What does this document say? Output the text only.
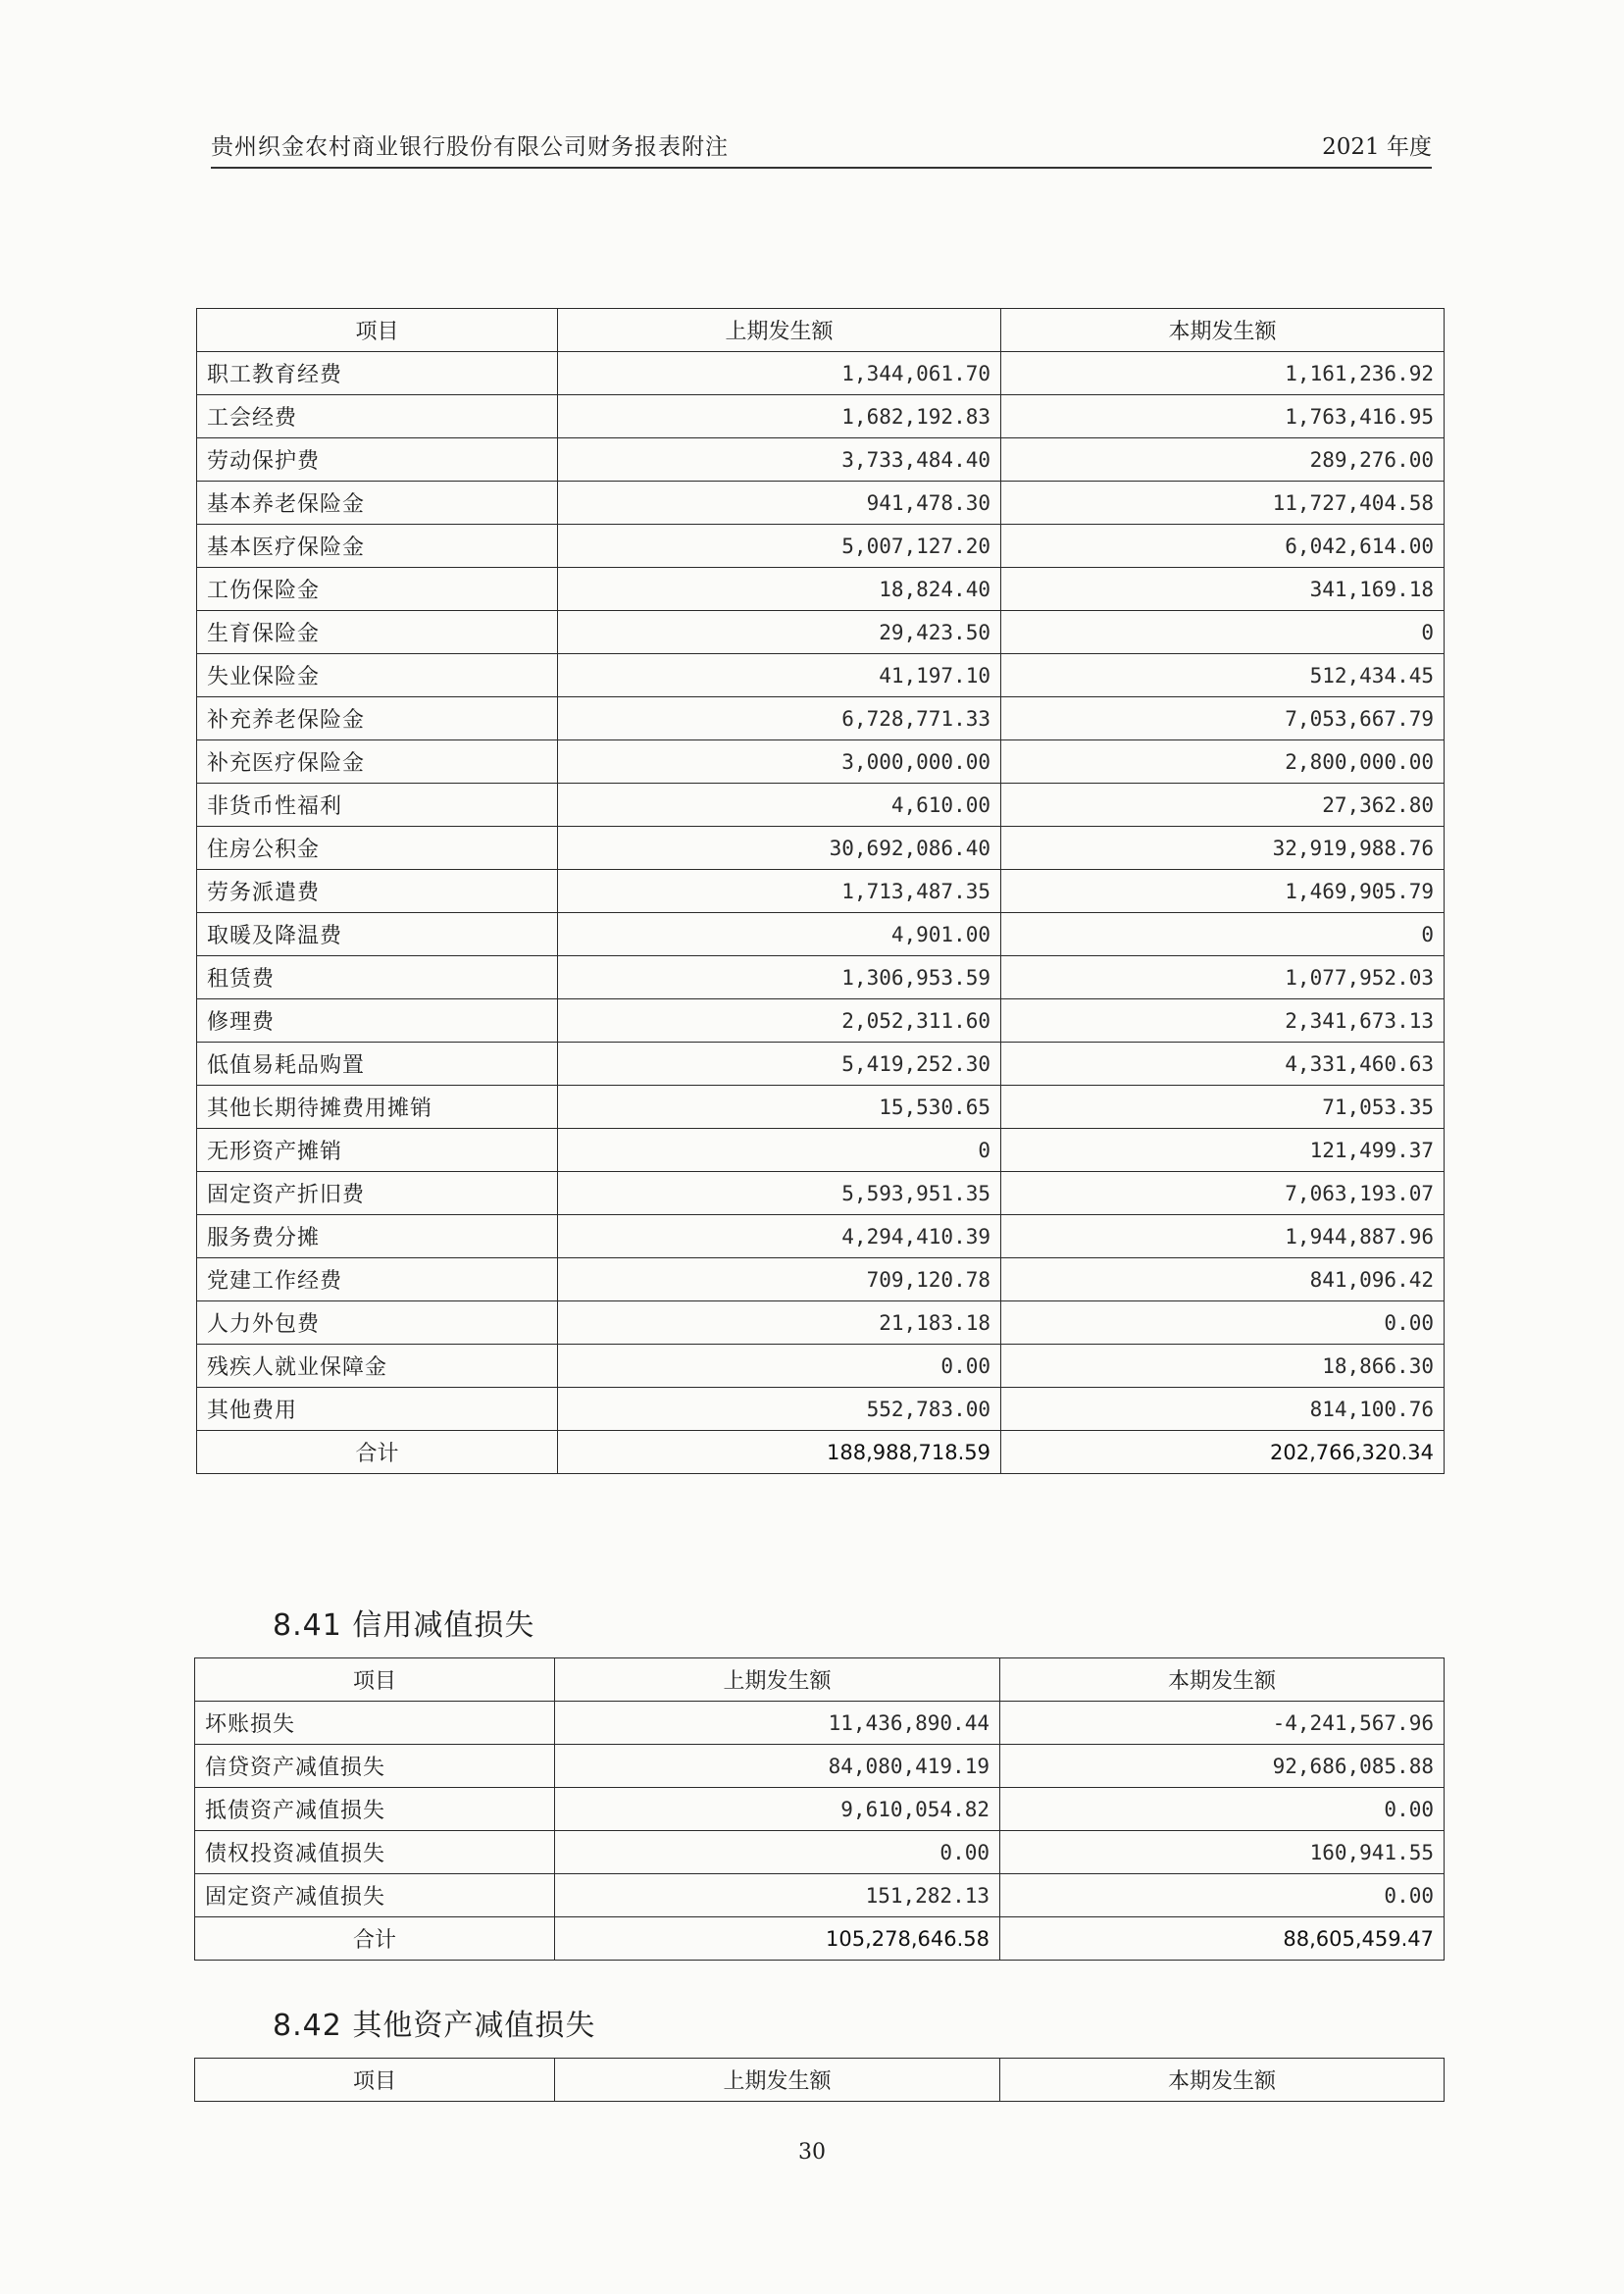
贵州织金农村商业银行股份有限公司财务报表附注	2021 年度
项目	上期发生额	本期发生额
职工教育经费	1,344,061.70	1,161,236.92
工会经费	1,682,192.83	1,763,416.95
劳动保护费	3,733,484.40	289,276.00
基本养老保险金	941,478.30	11,727,404.58
基本医疗保险金	5,007,127.20	6,042,614.00
工伤保险金	18,824.40	341,169.18
生育保险金	29,423.50	0
失业保险金	41,197.10	512,434.45
补充养老保险金	6,728,771.33	7,053,667.79
补充医疗保险金	3,000,000.00	2,800,000.00
非货币性福利	4,610.00	27,362.80
住房公积金	30,692,086.40	32,919,988.76
劳务派遣费	1,713,487.35	1,469,905.79
取暖及降温费	4,901.00	0
租赁费	1,306,953.59	1,077,952.03
修理费	2,052,311.60	2,341,673.13
低值易耗品购置	5,419,252.30	4,331,460.63
其他长期待摊费用摊销	15,530.65	71,053.35
无形资产摊销	0	121,499.37
固定资产折旧费	5,593,951.35	7,063,193.07
服务费分摊	4,294,410.39	1,944,887.96
党建工作经费	709,120.78	841,096.42
人力外包费	21,183.18	0.00
残疾人就业保障金	0.00	18,866.30
其他费用	552,783.00	814,100.76
合计	188,988,718.59	202,766,320.34
8.41 信用减值损失
项目	上期发生额	本期发生额
坏账损失	11,436,890.44	-4,241,567.96
信贷资产减值损失	84,080,419.19	92,686,085.88
抵债资产减值损失	9,610,054.82	0.00
债权投资减值损失	0.00	160,941.55
固定资产减值损失	151,282.13	0.00
合计	105,278,646.58	88,605,459.47
8.42 其他资产减值损失
项目	上期发生额	本期发生额
30
